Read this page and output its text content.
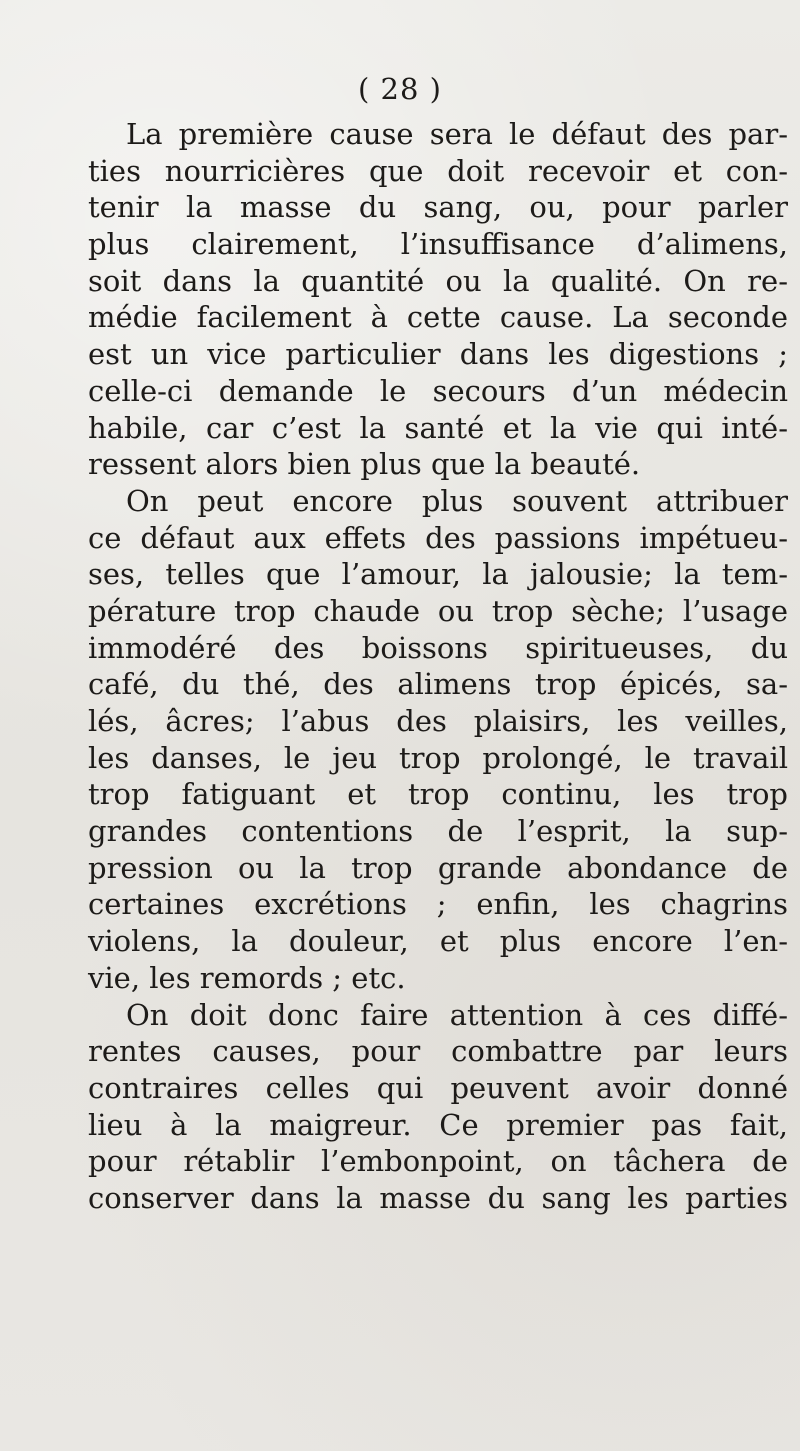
( 28 )
La première cause sera le défaut des par-
ties nourricières que doit recevoir et con-
tenir la masse du sang, ou, pour parler
plus clairement, l’insuffisance d’alimens,
soit dans la quantité ou la qualité. On re-
médie facilement à cette cause. La seconde
est un vice particulier dans les digestions ;
celle-ci demande le secours d’un médecin
habile, car c’est la santé et la vie qui inté-
ressent alors bien plus que la beauté.
On peut encore plus souvent attribuer
ce défaut aux effets des passions impétueu-
ses, telles que l’amour, la jalousie; la tem-
pérature trop chaude ou trop sèche; l’usage
immodéré des boissons spiritueuses, du
café, du thé, des alimens trop épicés, sa-
lés, âcres; l’abus des plaisirs, les veilles,
les danses, le jeu trop prolongé, le travail
trop fatiguant et trop continu, les trop
grandes contentions de l’esprit, la sup-
pression ou la trop grande abondance de
certaines excrétions ; enfin, les chagrins
violens, la douleur, et plus encore l’en-
vie, les remords ; etc.
On doit donc faire attention à ces diffé-
rentes causes, pour combattre par leurs
contraires celles qui peuvent avoir donné
lieu à la maigreur. Ce premier pas fait,
pour rétablir l’embonpoint, on tâchera de
conserver dans la masse du sang les parties
